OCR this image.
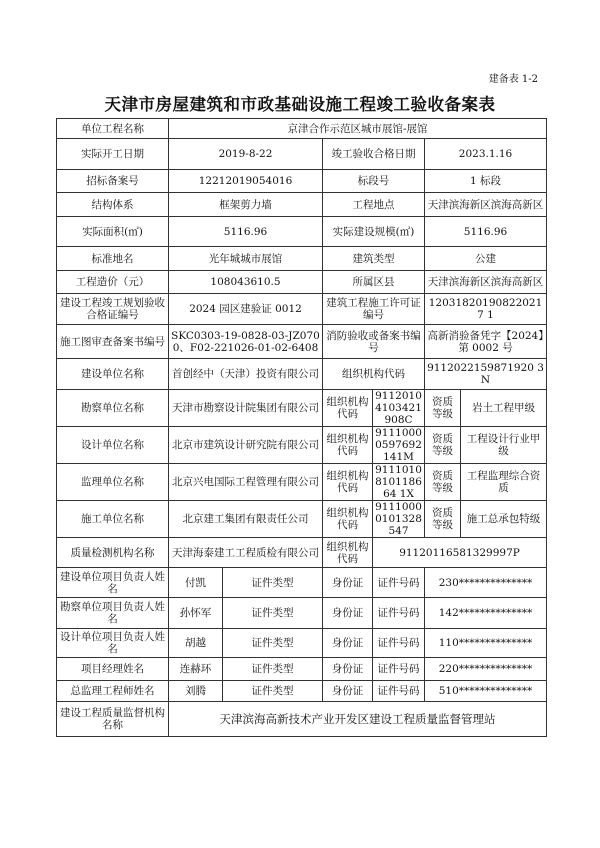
建备表 1-2
天津市房屋建筑和市政基础设施工程竣工验收备案表
单位工程名称	京津合作示范区城市展馆-展馆					
实际开工日期	2019-8-22		竣工验收合格日期		2023.1.16	
招标备案号	12212019054016		标段号		1 标段	
结构体系	框架剪力墙		工程地点		天津滨海新区滨海高新区	
实际面积(㎡)	5116.96		实际建设规模(㎡)		5116.96	
标准地名	光年城城市展馆		建筑类型		公建	
工程造价（元）	108043610.5		所属区县		天津滨海新区滨海高新区	
建设工程竣工规划验收合格证编号	2024 园区建验证 0012		建筑工程施工许可证编号		120318201908220217 1	
施工图审查备案书编号	SKC0303-19-0828-03-JZ0700、F02-221026-01-02-6408		消防验收或备案书编号		高新消验备凭字【2024】第 0002 号	
建设单位名称	首创经中（天津）投资有限公司		组织机构代码		9112022159871920 3N	
勘察单位名称	天津市勘察设计院集团有限公司		组织机构代码	91120104103421908C	资质等级	岩土工程甲级
设计单位名称	北京市建筑设计研究院有限公司		组织机构代码	91110000597692141M	资质等级	工程设计行业甲级
监理单位名称	北京兴电国际工程管理有限公司		组织机构代码	9111010810118664 1X	资质等级	工程监理综合资质
施工单位名称	北京建工集团有限责任公司		组织机构代码	91110000101328547	资质等级	施工总承包特级
质量检测机构名称	天津海泰建工工程质检有限公司		组织机构代码	91120116581329997P		
建设单位项目负责人姓名	付凯	证件类型	身份证	证件号码	230**************	
勘察单位项目负责人姓名	孙怀军	证件类型	身份证	证件号码	142**************	
设计单位项目负责人姓名	胡越	证件类型	身份证	证件号码	110**************	
项目经理姓名	连赫环	证件类型	身份证	证件号码	220**************	
总监理工程师姓名	刘腾	证件类型	身份证	证件号码	510**************	
建设工程质量监督机构名称	天津滨海高新技术产业开发区建设工程质量监督管理站					
